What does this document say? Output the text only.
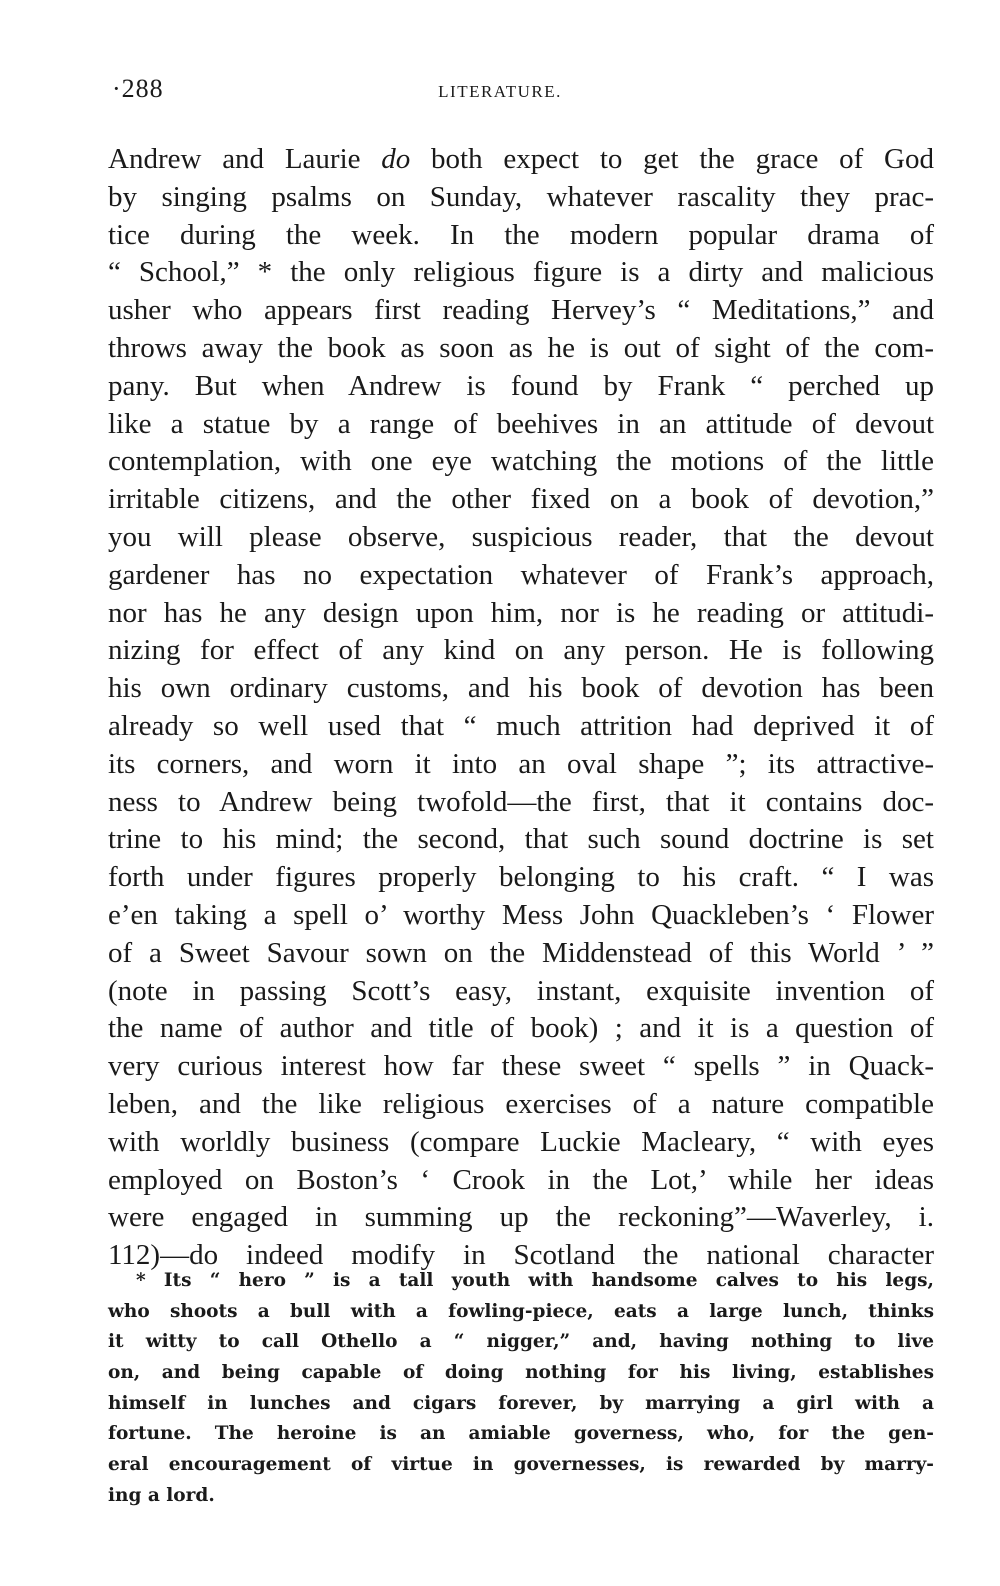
·288	LITERATURE.
Andrew and Laurie do both expect to get the grace of God
by singing psalms on Sunday, whatever rascality they prac-
tice during the week. In the modern popular drama of
“ School,” * the only religious figure is a dirty and malicious
usher who appears first reading Hervey’s “ Meditations,” and
throws away the book as soon as he is out of sight of the com-
pany. But when Andrew is found by Frank “ perched up
like a statue by a range of beehives in an attitude of devout
contemplation, with one eye watching the motions of the little
irritable citizens, and the other fixed on a book of devotion,”
you will please observe, suspicious reader, that the devout
gardener has no expectation whatever of Frank’s approach,
nor has he any design upon him, nor is he reading or attitudi-
nizing for effect of any kind on any person. He is following
his own ordinary customs, and his book of devotion has been
already so well used that “ much attrition had deprived it of
its corners, and worn it into an oval shape ”; its attractive-
ness to Andrew being twofold—the first, that it contains doc-
trine to his mind; the second, that such sound doctrine is set
forth under figures properly belonging to his craft. “ I was
e’en taking a spell o’ worthy Mess John Quackleben’s ‘ Flower
of a Sweet Savour sown on the Middenstead of this World ’ ”
(note in passing Scott’s easy, instant, exquisite invention of
the name of author and title of book) ; and it is a question of
very curious interest how far these sweet “ spells ” in Quack-
leben, and the like religious exercises of a nature compatible
with worldly business (compare Luckie Macleary, “ with eyes
employed on Boston’s ‘ Crook in the Lot,’ while her ideas
were engaged in summing up the reckoning”—Waverley, i.
112)—do indeed modify in Scotland the national character
* Its “ hero ” is a tall youth with handsome calves to his legs,
who shoots a bull with a fowling-piece, eats a large lunch, thinks
it witty to call Othello a “ nigger,” and, having nothing to live
on, and being capable of doing nothing for his living, establishes
himself in lunches and cigars forever, by marrying a girl with a
fortune. The heroine is an amiable governess, who, for the gen-
eral encouragement of virtue in governesses, is rewarded by marry-
ing a lord.
